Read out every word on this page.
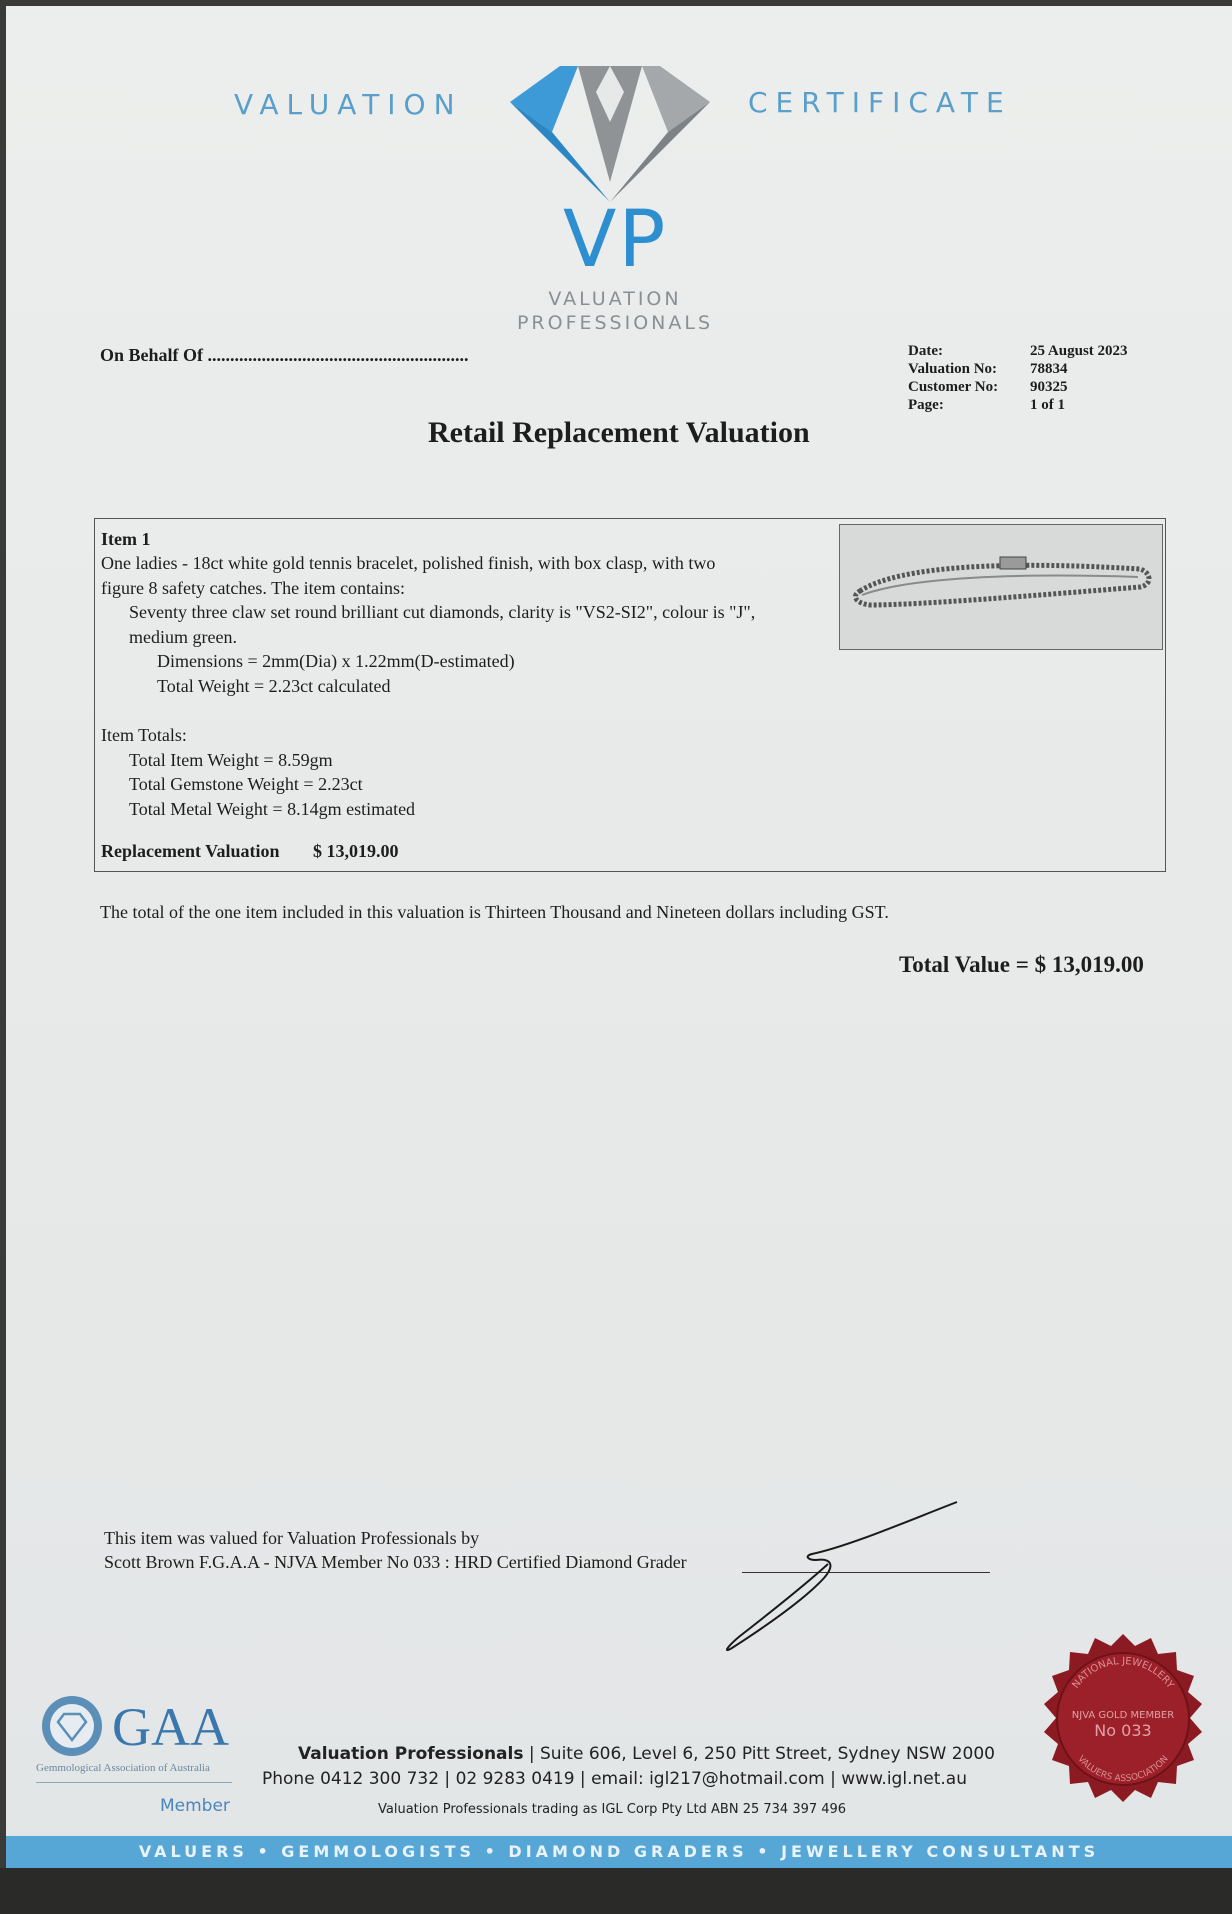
VALUATION	CERTIFICATE
VP
VALUATION
PROFESSIONALS
On Behalf Of ..........................................................	Date:
Valuation No:
Customer No:
Page:
25 August 2023
78834
90325
1 of 1
Retail Replacement Valuation
Item 1
One ladies - 18ct white gold tennis bracelet, polished finish, with box clasp, with two
figure 8 safety catches. The item contains:
Seventy three claw set round brilliant cut diamonds, clarity is "VS2-SI2", colour is "J",
medium green.
Dimensions = 2mm(Dia) x 1.22mm(D-estimated)
Total Weight = 2.23ct calculated
Item Totals:
Total Item Weight = 8.59gm
Total Gemstone Weight = 2.23ct
Total Metal Weight = 8.14gm estimated
Replacement Valuation $ 13,019.00
The total of the one item included in this valuation is Thirteen Thousand and Nineteen dollars including GST.
Total Value = $ 13,019.00
This item was valued for Valuation Professionals by
Scott Brown F.G.A.A - NJVA Member No 033 : HRD Certified Diamond Grader
GAA
Gemmological Association of Australia
Member
Valuation Professionals | Suite 606, Level 6, 250 Pitt Street, Sydney NSW 2000
Phone 0412 300 732 | 02 9283 0419 | email: igl217@hotmail.com | www.igl.net.au
Valuation Professionals trading as IGL Corp Pty Ltd ABN 25 734 397 496
NATIONAL JEWELLERY
NJVA GOLD MEMBER
No 033
VALUERS ASSOCIATION
VALUERS • GEMMOLOGISTS • DIAMOND GRADERS • JEWELLERY CONSULTANTS
